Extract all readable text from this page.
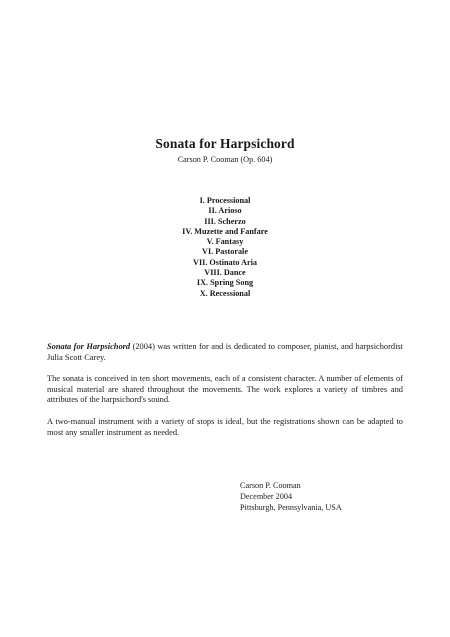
Sonata for Harpsichord
Carson P. Cooman (Op. 604)
I. Processional
II. Arioso
III. Scherzo
IV. Muzette and Fanfare
V. Fantasy
VI. Pastorale
VII. Ostinato Aria
VIII. Dance
IX. Spring Song
X. Recessional

Sonata for Harpsichord (2004) was written for and is dedicated to composer, pianist, and harpsichordist Julia Scott Carey.

The sonata is conceived in ten short movements, each of a consistent character. A number of elements of musical material are shared throughout the movements. The work explores a variety of timbres and attributes of the harpsichord's sound.

A two-manual instrument with a variety of stops is ideal, but the registrations shown can be adapted to most any smaller instrument as needed.

Carson P. Cooman
December 2004
Pittsburgh, Pennsylvania, USA
